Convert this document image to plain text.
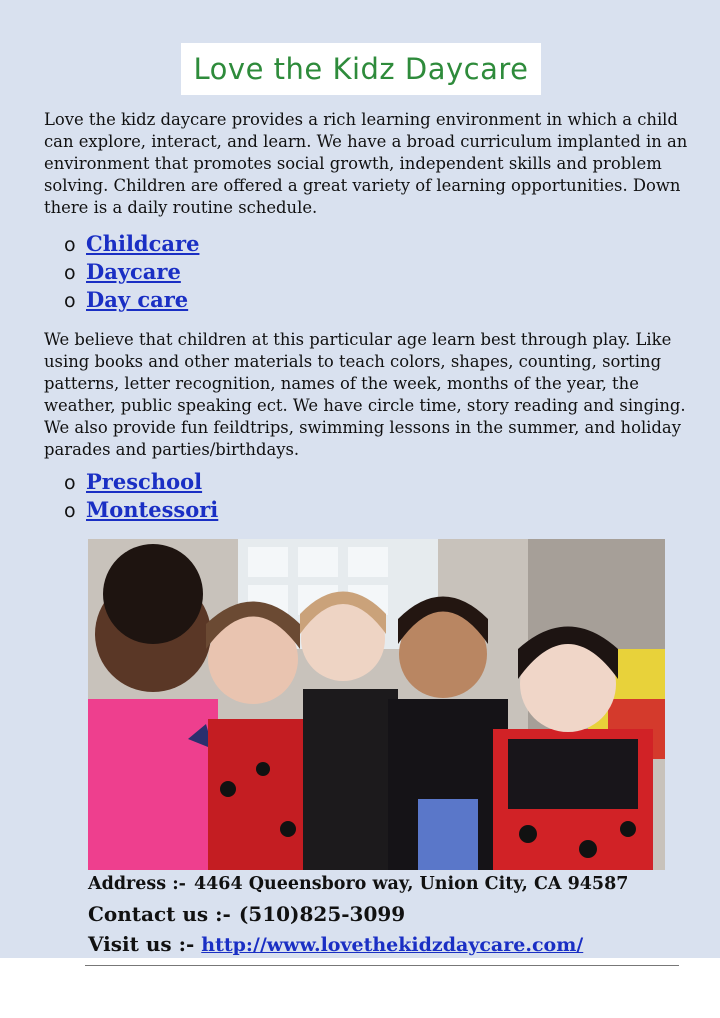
Love the Kidz Daycare

Love the kidz daycare provides a rich learning environment in which a child can explore, interact, and learn. We have a broad curriculum implanted in an environment that promotes social growth, independent skills and problem solving. Children are offered a great variety of learning opportunities. Down there is a daily routine schedule.

o Childcare
o Daycare
o Day care

We believe that children at this particular age learn best through play. Like using books and other materials to teach colors, shapes, counting, sorting patterns, letter recognition, names of the week, months of the year, the weather, public speaking ect. We have circle time, story reading and singing. We also provide fun feildtrips, swimming lessons in the summer, and holiday parades and parties/birthdays.

o Preschool
o Montessori
Address :- 4464 Queensboro way, Union City, CA 94587
Contact us :- (510)825-3099
Visit us :- http://www.lovethekidzdaycare.com/
